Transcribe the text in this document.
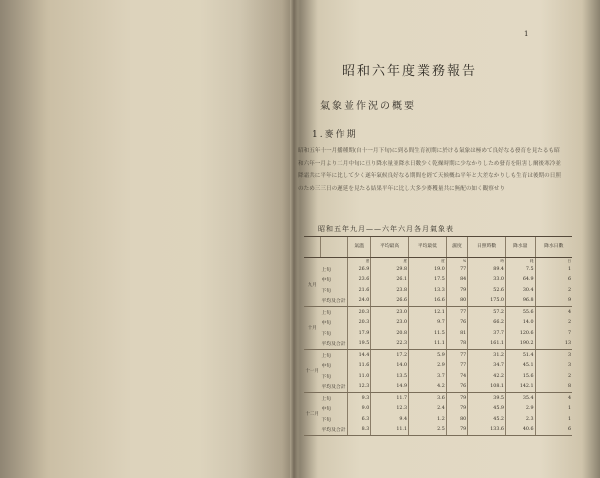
1
昭和六年度業務報告
氣象並作況の概要
1.麥作期
昭和五年十一月播種期(自十一月下旬)に到る間生育初期に於ける氣象は極めて良好なる發育を見たるも昭和六年一月より二月中旬に亘り降水量並降水日數少く乾燥時期に少なかりしため發育を阻害し爾後寒冷並降霜共に平年に比して少く遂年氣候良好なる期間を經て天候概ね平年と大差なかりしも生育は後期の日照のため三三日の遲延を見たる結果平年に比し大多少麥穫量共に無配の如く觀察せり
昭和五年九月——六年六月各月氣象表
		氣溫	平均最高	平均最低	濕度	日照時數	降水量	降水日數
		度	度	度	%	時	粍	日
九月	上旬	26.9	29.8	19.0	77	89.4	7.5	1
	中旬	23.6	26.1	17.5	84	33.0	64.9	6
	下旬	21.6	23.8	13.3	79	52.6	30.4	2
	平均及合計	24.0	26.6	16.6	80	175.0	96.8	9
十月	上旬	20.3	23.0	12.1	77	57.2	55.6	4
	中旬	20.3	23.0	9.7	76	66.2	14.0	2
	下旬	17.9	20.8	11.5	81	37.7	120.6	7
	平均及合計	19.5	22.3	11.1	78	161.1	190.2	13
十一月	上旬	14.4	17.2	5.9	77	31.2	51.4	3
	中旬	11.6	14.0	2.9	77	34.7	45.1	3
	下旬	11.0	13.5	3.7	74	42.2	15.6	2
	平均及合計	12.3	14.9	4.2	76	108.1	142.1	8
十二月	上旬	9.3	11.7	3.6	79	39.5	35.4	4
	中旬	9.0	12.3	2.4	79	45.9	2.9	1
	下旬	6.3	9.4	1.2	80	45.2	2.3	1
	平均及合計	8.3	11.1	2.5	79	133.6	40.6	6
